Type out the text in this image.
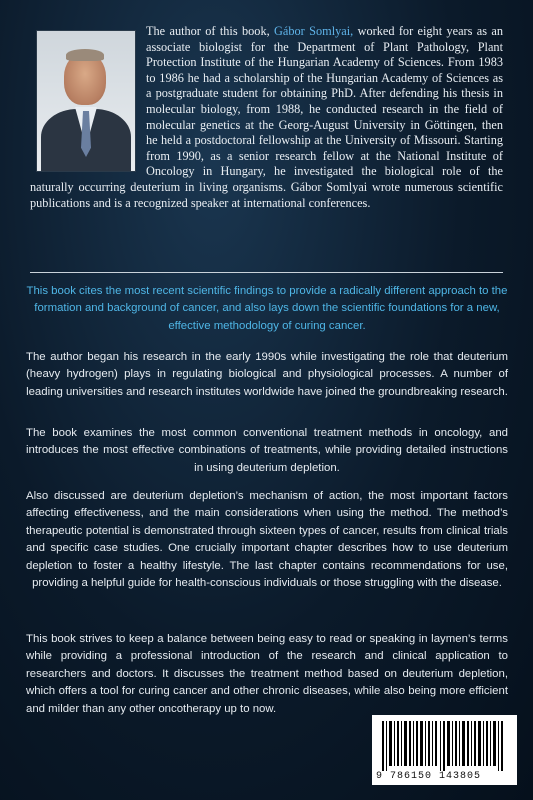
The author of this book, Gábor Somlyai, worked for eight years as an associate biologist for the Department of Plant Pathology, Plant Protection Institute of the Hungarian Academy of Sciences. From 1983 to 1986 he had a scholarship of the Hungarian Academy of Sciences as a postgraduate student for obtaining PhD. After defending his thesis in molecular biology, from 1988, he conducted research in the field of molecular genetics at the Georg-August University in Göttingen, then he held a postdoctoral fellowship at the University of Missouri. Starting from 1990, as a senior research fellow at the National Institute of Oncology in Hungary, he investigated the biological role of the naturally occurring deuterium in living organisms. Gábor Somlyai wrote numerous scientific publications and is a recognized speaker at international conferences.

This book cites the most recent scientific findings to provide a radically different approach to the formation and background of cancer, and also lays down the scientific foundations for a new, effective methodology of curing cancer.

The author began his research in the early 1990s while investigating the role that deuterium (heavy hydrogen) plays in regulating biological and physiological processes. A number of leading universities and research institutes worldwide have joined the groundbreaking research.

The book examines the most common conventional treatment methods in oncology, and introduces the most effective combinations of treatments, while providing detailed instructions in using deuterium depletion.

Also discussed are deuterium depletion’s mechanism of action, the most important factors affecting effectiveness, and the main considerations when using the method. The method’s therapeutic potential is demonstrated through sixteen types of cancer, results from clinical trials and specific case studies. One crucially important chapter describes how to use deuterium depletion to foster a healthy lifestyle. The last chapter contains recommendations for use, providing a helpful guide for health-conscious individuals or those struggling with the disease.

This book strives to keep a balance between being easy to read or speaking in laymen’s terms while providing a professional introduction of the research and clinical application to researchers and doctors. It discusses the treatment method based on deuterium depletion, which offers a tool for curing cancer and other chronic diseases, while also being more efficient and milder than any other oncotherapy up to now.

9 786150 143805
